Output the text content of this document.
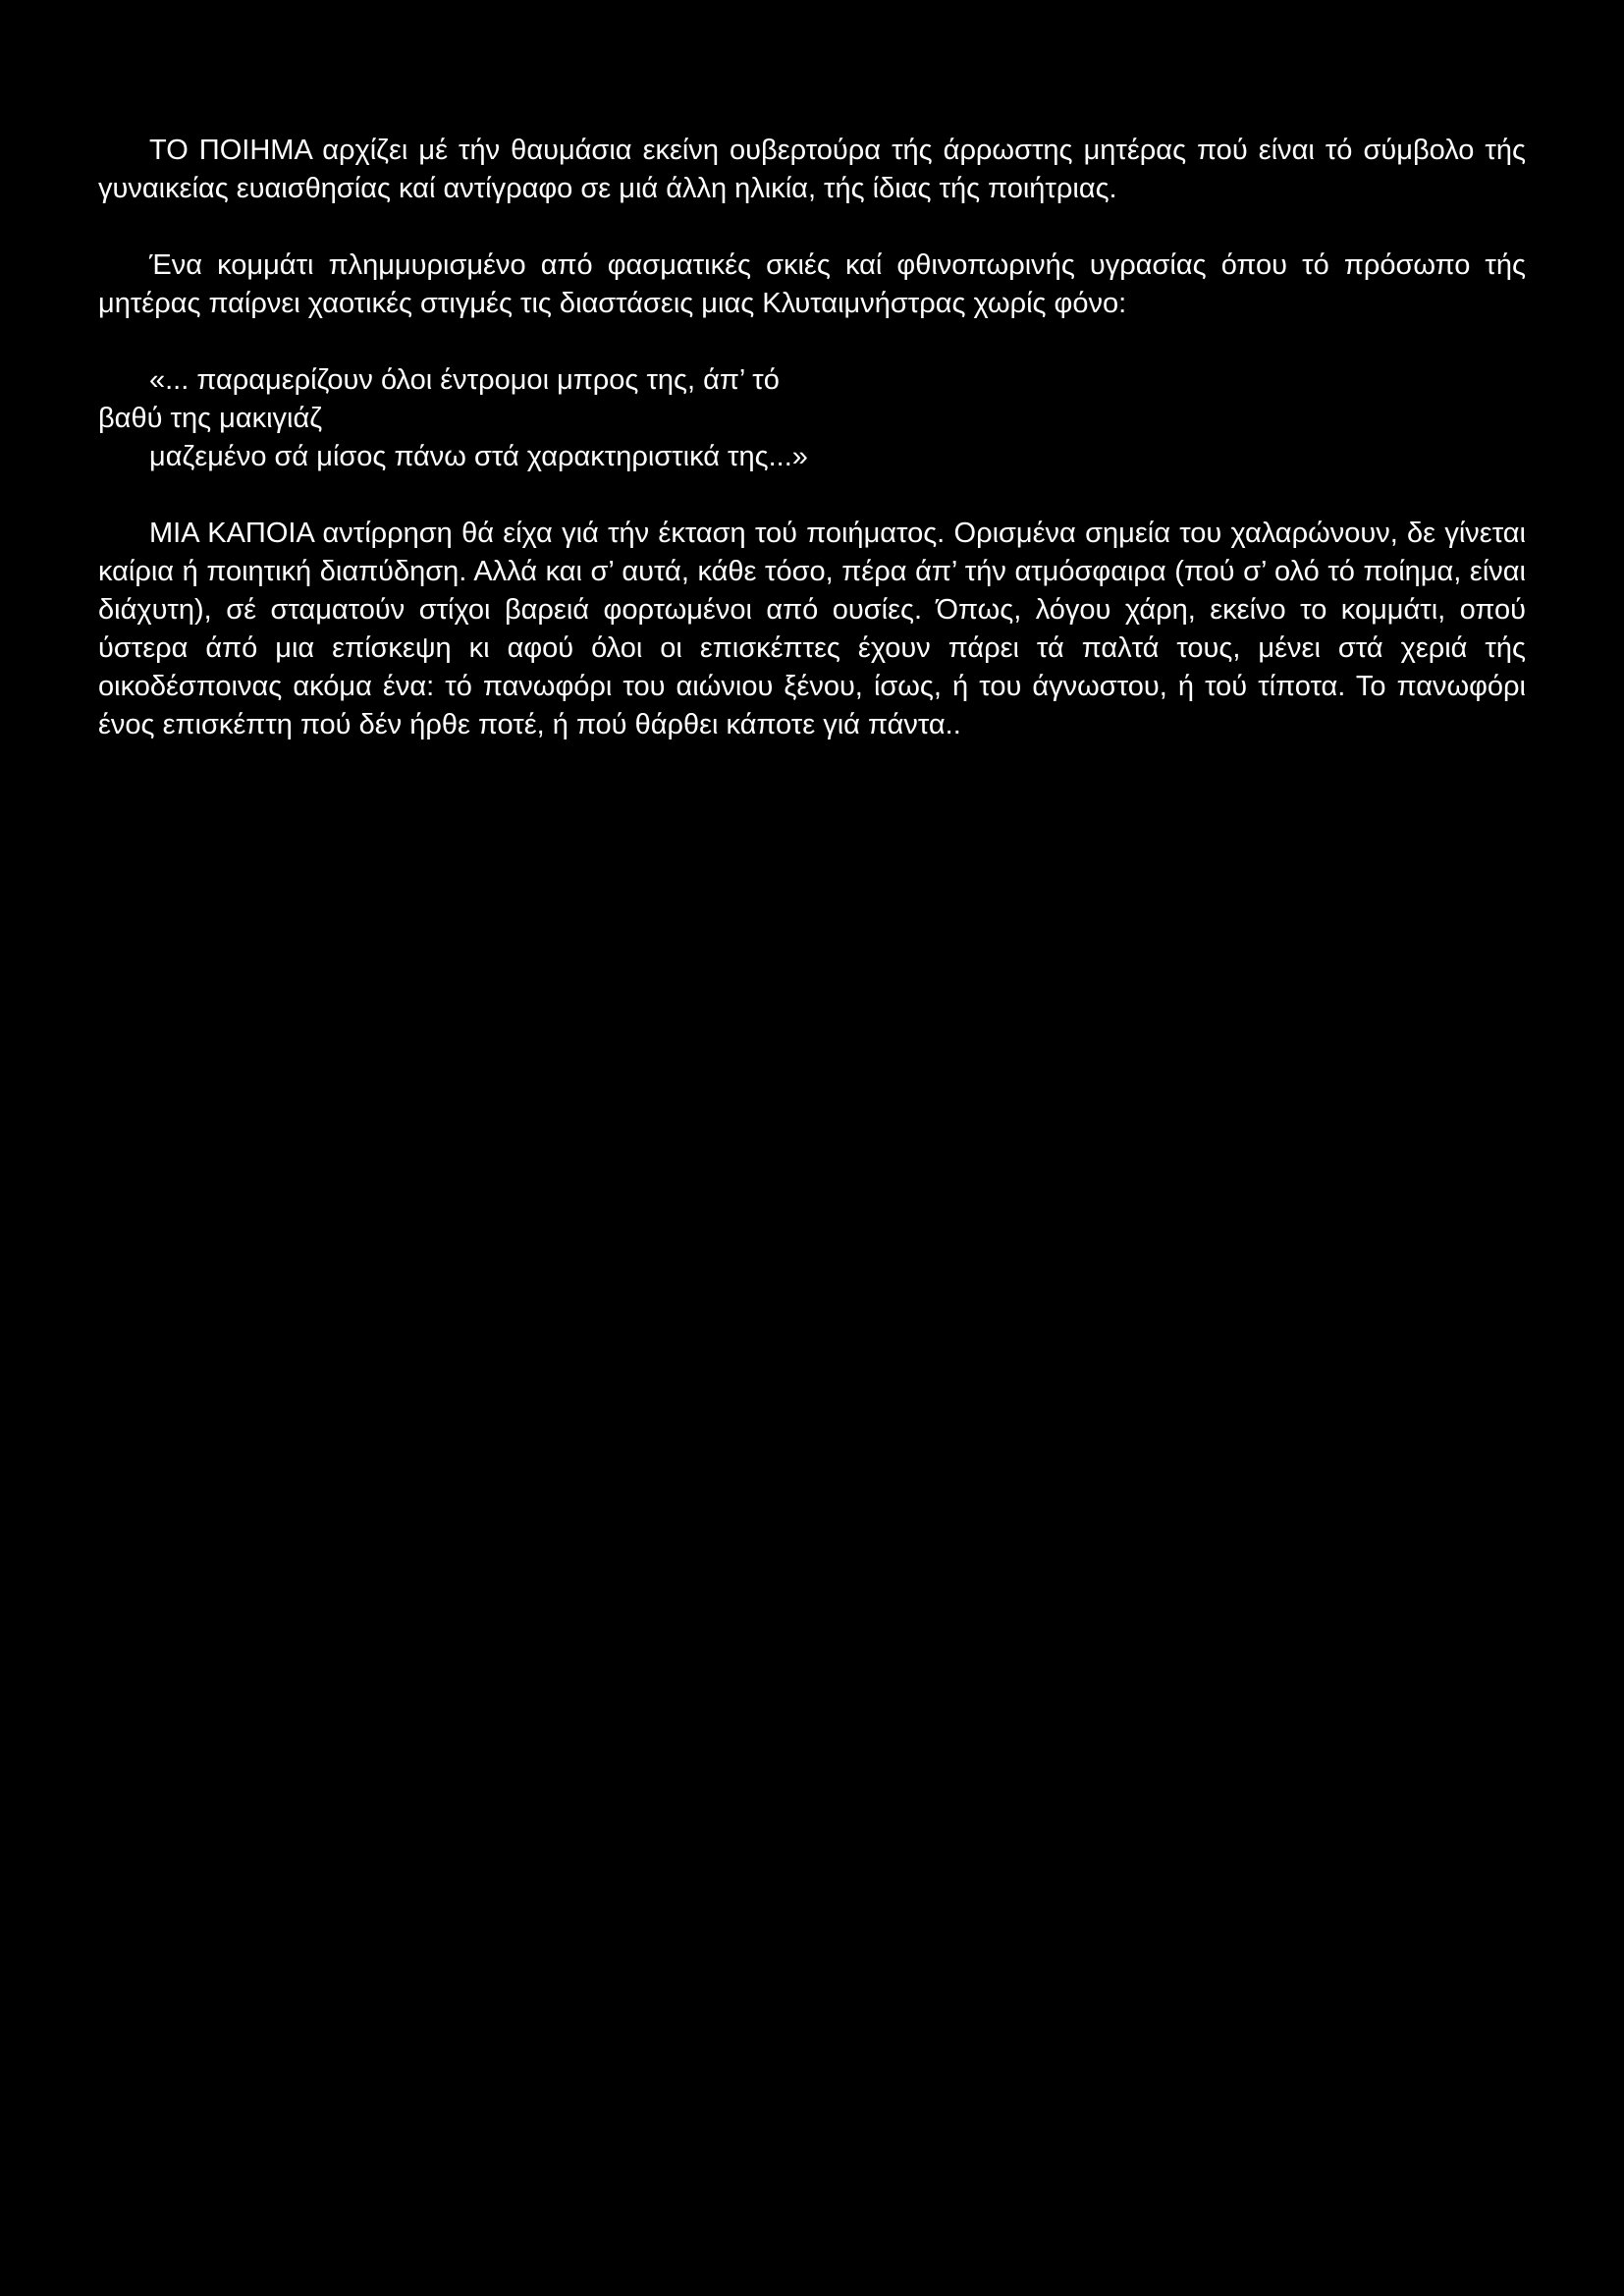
ΤΟ ΠΟΙΗΜΑ αρχίζει μέ τήν θαυμάσια εκείνη ουβερτούρα τής άρρωστης μητέρας πού είναι τό σύμβολο τής γυναικείας ευαισθησίας καί αντίγραφο σε μιά άλλη ηλικία, τής ίδιας τής ποιήτριας.

Ένα κομμάτι πλημμυρισμένο από φασματικές σκιές καί φθινοπωρινής υγρασίας όπου τό πρόσωπο τής μητέρας παίρνει χαοτικές στιγμές τις διαστάσεις μιας Κλυταιμνήστρας χωρίς φόνο:

«... παραμερίζουν όλοι έντρομοι μπρος της, άπ’ τό

βαθύ της μακιγιάζ

μαζεμένο σά μίσος πάνω στά χαρακτηριστικά της...»

ΜΙΑ ΚΑΠΟΙΑ αντίρρηση θά είχα γιά τήν έκταση τού ποιήματος. Ορισμένα σημεία του χαλαρώνουν, δε γίνεται καίρια ή ποιητική διαπύδηση. Αλλά και σ’ αυτά, κάθε τόσο, πέρα άπ’ τήν ατμόσφαιρα (πού σ’ ολό τό ποίημα, είναι διάχυτη), σέ σταματούν στίχοι βαρειά φορτωμένοι από ουσίες. Όπως, λόγου χάρη, εκείνο το κομμάτι, οπού ύστερα άπό μια επίσκεψη κι αφού όλοι οι επισκέπτες έχουν πάρει τά παλτά τους, μένει στά χεριά τής οικοδέσποινας ακόμα ένα: τό πανωφόρι του αιώνιου ξένου, ίσως, ή του άγνωστου, ή τού τίποτα. Το πανωφόρι ένος επισκέπτη πού δέν ήρθε ποτέ, ή πού θάρθει κάποτε γιά πάντα..
